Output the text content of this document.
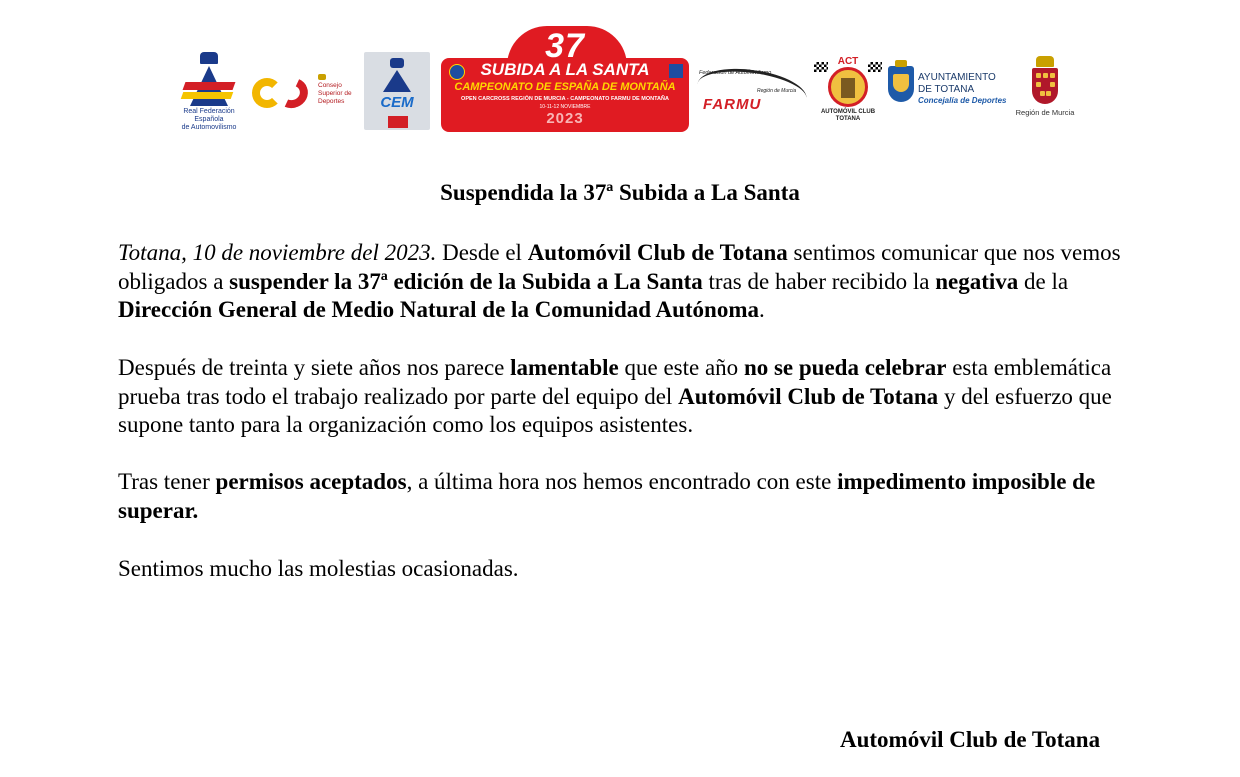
Real Federación Española
de Automovilismo
Consejo
Superior de
Deportes	CEM
37
SUBIDA A LA SANTA
CAMPEONATO DE ESPAÑA DE MONTAÑA
OPEN CARCROSS REGIÓN DE MURCIA - CAMPEONATO FARMU DE MONTAÑA
10-11-12 NOVIEMBRE
2023
Federación de Automovilismo
Región de Murcia
FARMU
ACT
AUTOMÓVIL CLUB
TOTANA
AYUNTAMIENTO
DE TOTANA
Concejalía de Deportes
Región de Murcia
Suspendida la 37ª Subida a La Santa

Totana, 10 de noviembre del 2023. Desde el Automóvil Club de Totana sentimos comunicar que nos vemos obligados a suspender la 37ª edición de la Subida a La Santa tras de haber recibido la negativa de la Dirección General de Medio Natural de la Comunidad Autónoma.

Después de treinta y siete años nos parece lamentable que este año no se pueda celebrar esta emblemática prueba tras todo el trabajo realizado por parte del equipo del Automóvil Club de Totana y del esfuerzo que supone tanto para la organización como los equipos asistentes.

Tras tener permisos aceptados, a última hora nos hemos encontrado con este impedimento imposible de superar.

Sentimos mucho las molestias ocasionadas.

Automóvil Club de Totana
